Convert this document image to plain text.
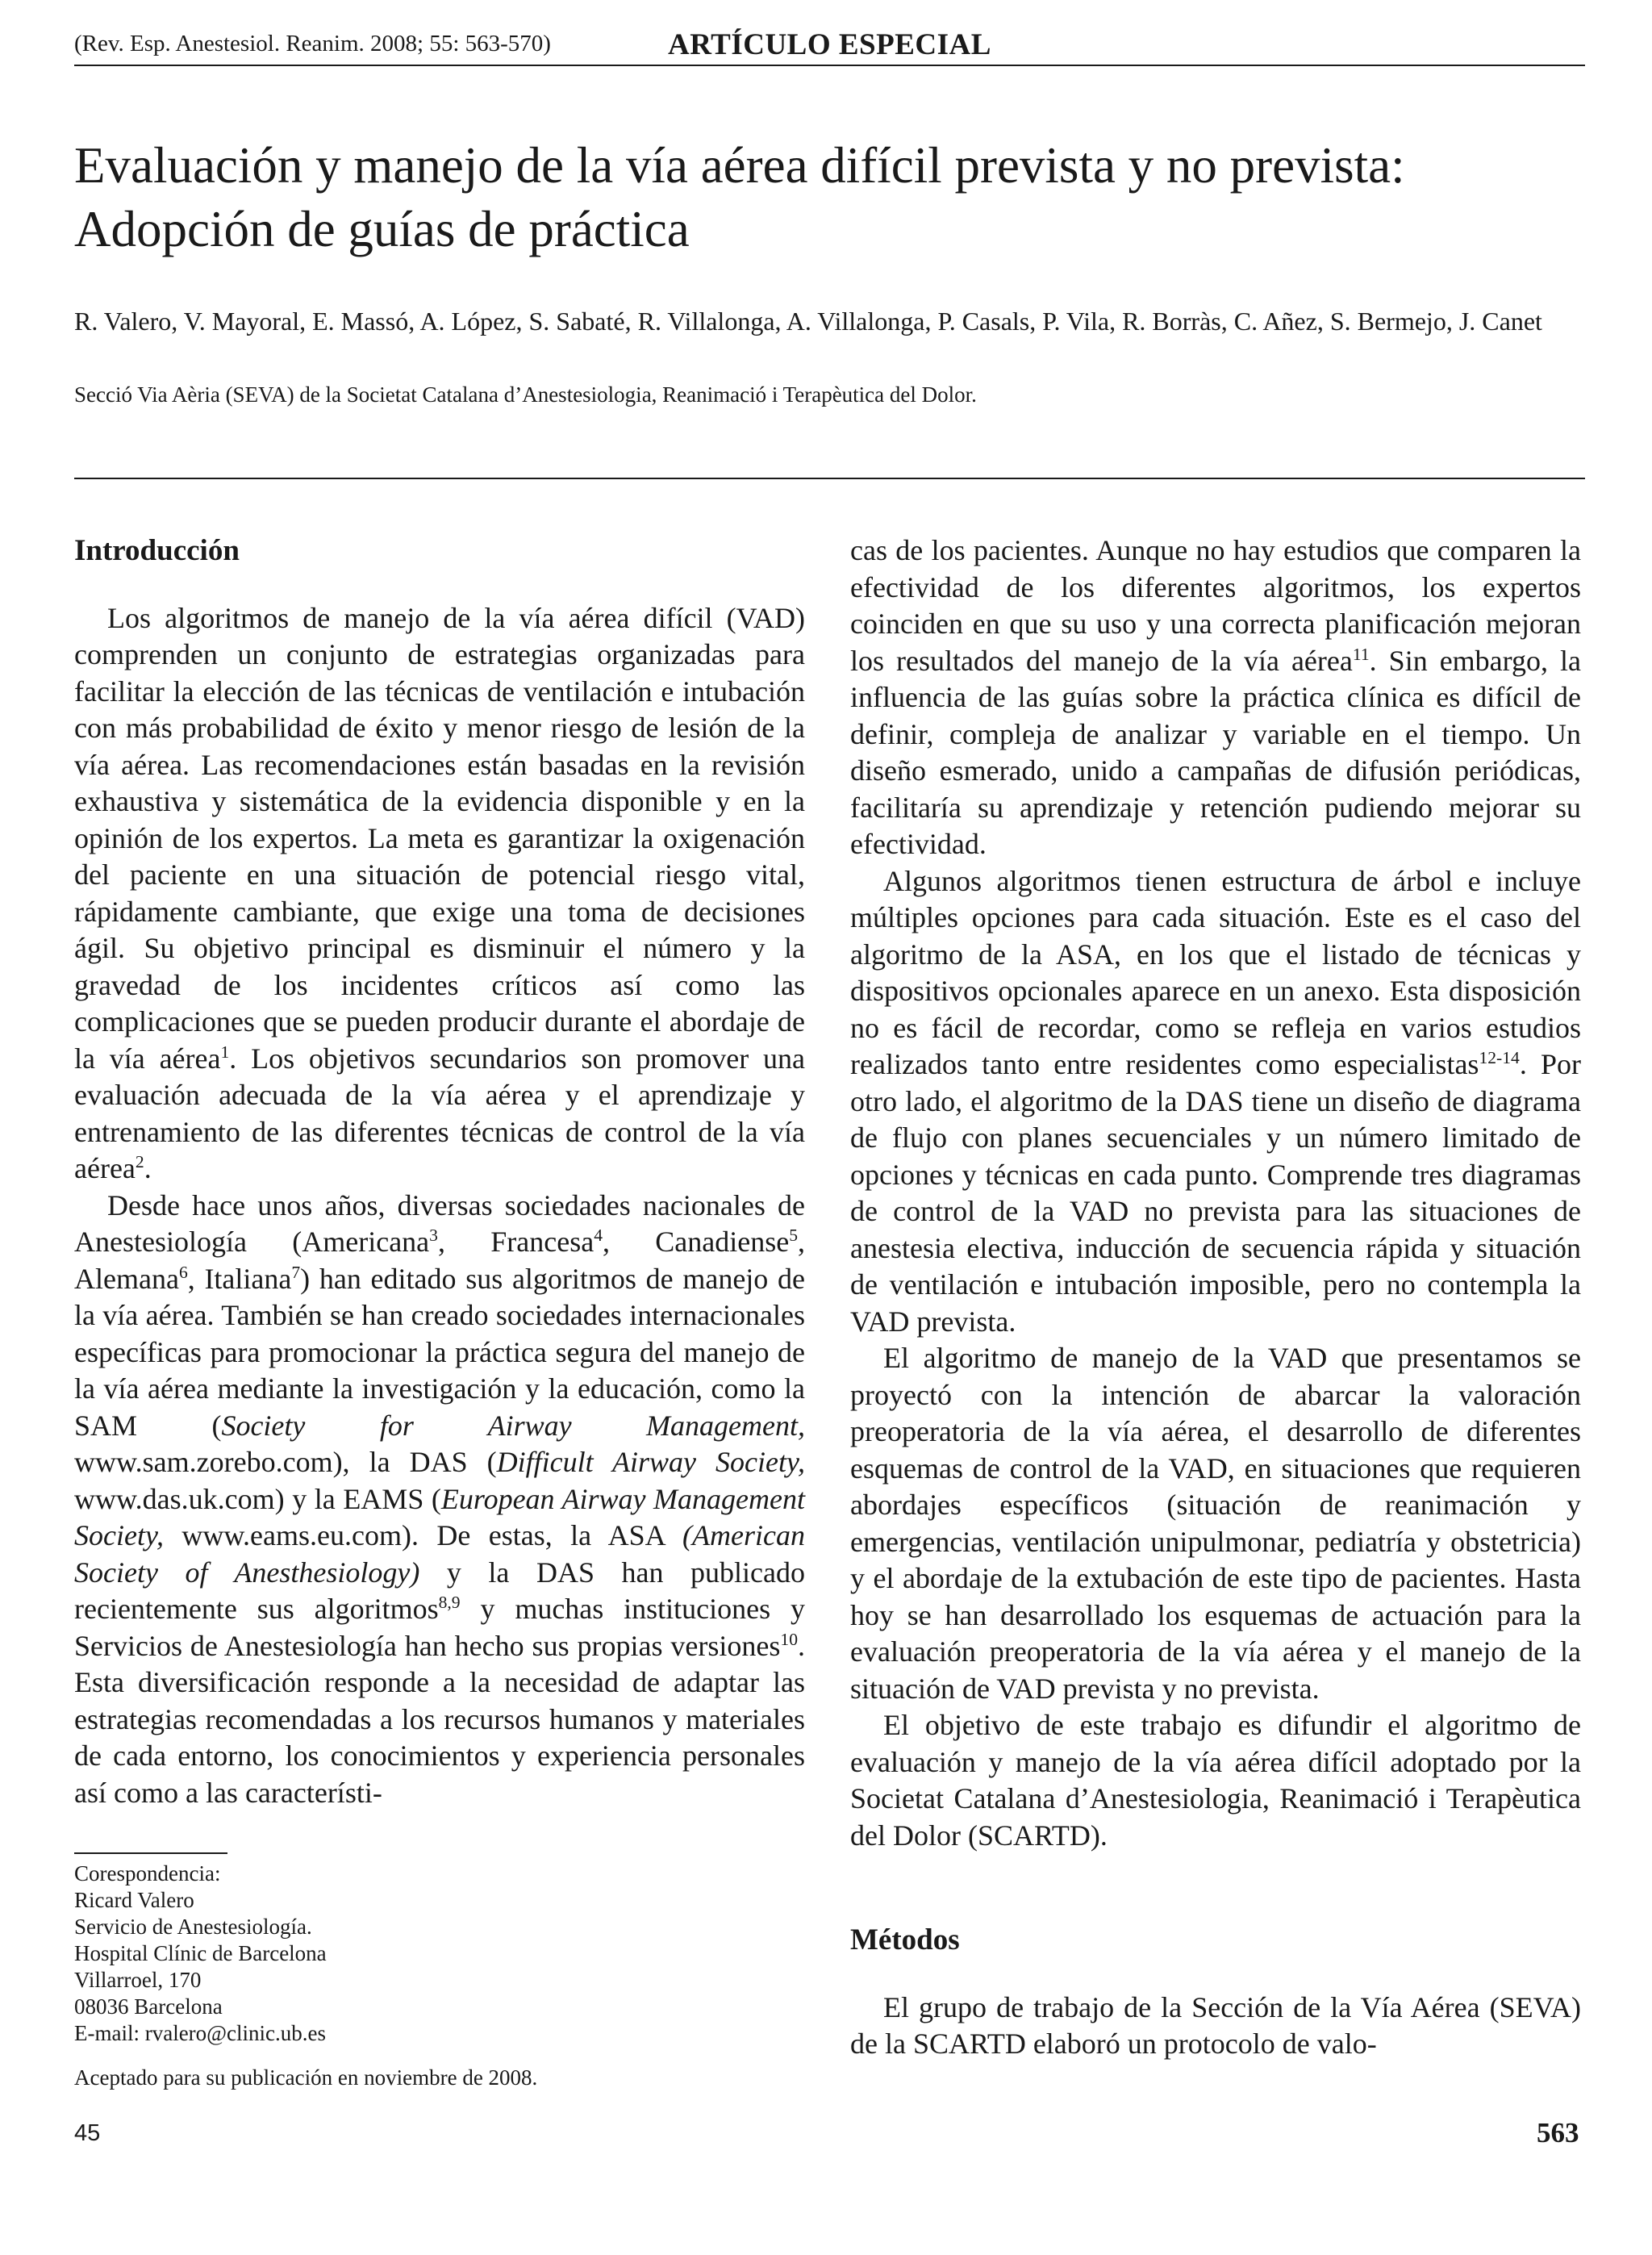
(Rev. Esp. Anestesiol. Reanim. 2008; 55: 563-570)	ARTÍCULO ESPECIAL
Evaluación y manejo de la vía aérea difícil prevista y no prevista:
Adopción de guías de práctica
R. Valero, V. Mayoral, E. Massó, A. López, S. Sabaté, R. Villalonga, A. Villalonga, P. Casals, P. Vila, R. Borràs, C. Añez, S. Bermejo, J. Canet
Secció Via Aèria (SEVA) de la Societat Catalana d’Anestesiologia, Reanimació i Terapèutica del Dolor.
Introducción

Los algoritmos de manejo de la vía aérea difícil (VAD) comprenden un conjunto de estrategias organizadas para facilitar la elección de las técnicas de ventilación e intubación con más probabilidad de éxito y menor riesgo de lesión de la vía aérea. Las recomendaciones están basadas en la revisión exhaustiva y sistemática de la evidencia disponible y en la opinión de los expertos. La meta es garantizar la oxigenación del paciente en una situación de potencial riesgo vital, rápidamente cambiante, que exige una toma de decisiones ágil. Su objetivo principal es disminuir el número y la gravedad de los incidentes críticos así como las complicaciones que se pueden producir durante el abordaje de la vía aérea$^1$. Los objetivos secundarios son promover una evaluación adecuada de la vía aérea y el aprendizaje y entrenamiento de las diferentes técnicas de control de la vía aérea$^2$.

Desde hace unos años, diversas sociedades nacionales de Anestesiología (Americana$^3$, Francesa$^4$, Canadiense$^5$, Alemana$^6$, Italiana$^7$) han editado sus algoritmos de manejo de la vía aérea. También se han creado sociedades internacionales específicas para promocionar la práctica segura del manejo de la vía aérea mediante la investigación y la educación, como la SAM (Society for Airway Management, www.sam.zorebo.com), la DAS (Difficult Airway Society, www.das.uk.com) y la EAMS (European Airway Management Society, www.eams.eu.com). De estas, la ASA (American Society of Anesthesiology) y la DAS han publicado recientemente sus algoritmos$^{8,9}$ y muchas instituciones y Servicios de Anestesiología han hecho sus propias versiones$^{10}$. Esta diversificación responde a la necesidad de adaptar las estrategias recomendadas a los recursos humanos y materiales de cada entorno, los conocimientos y experiencia personales así como a las característi-

cas de los pacientes. Aunque no hay estudios que comparen la efectividad de los diferentes algoritmos, los expertos coinciden en que su uso y una correcta planificación mejoran los resultados del manejo de la vía aérea$^{11}$. Sin embargo, la influencia de las guías sobre la práctica clínica es difícil de definir, compleja de analizar y variable en el tiempo. Un diseño esmerado, unido a campañas de difusión periódicas, facilitaría su aprendizaje y retención pudiendo mejorar su efectividad.

Algunos algoritmos tienen estructura de árbol e incluye múltiples opciones para cada situación. Este es el caso del algoritmo de la ASA, en los que el listado de técnicas y dispositivos opcionales aparece en un anexo. Esta disposición no es fácil de recordar, como se refleja en varios estudios realizados tanto entre residentes como especialistas$^{12-14}$. Por otro lado, el algoritmo de la DAS tiene un diseño de diagrama de flujo con planes secuenciales y un número limitado de opciones y técnicas en cada punto. Comprende tres diagramas de control de la VAD no prevista para las situaciones de anestesia electiva, inducción de secuencia rápida y situación de ventilación e intubación imposible, pero no contempla la VAD prevista.

El algoritmo de manejo de la VAD que presentamos se proyectó con la intención de abarcar la valoración preoperatoria de la vía aérea, el desarrollo de diferentes esquemas de control de la VAD, en situaciones que requieren abordajes específicos (situación de reanimación y emergencias, ventilación unipulmonar, pediatría y obstetricia) y el abordaje de la extubación de este tipo de pacientes. Hasta hoy se han desarrollado los esquemas de actuación para la evaluación preoperatoria de la vía aérea y el manejo de la situación de VAD prevista y no prevista.

El objetivo de este trabajo es difundir el algoritmo de evaluación y manejo de la vía aérea difícil adoptado por la Societat Catalana d’Anestesiologia, Reanimació i Terapèutica del Dolor (SCARTD).

Métodos

El grupo de trabajo de la Sección de la Vía Aérea (SEVA) de la SCARTD elaboró un protocolo de valo-

Corespondencia:
Ricard Valero
Servicio de Anestesiología.
Hospital Clínic de Barcelona
Villarroel, 170
08036 Barcelona
E-mail: rvalero@clinic.ub.es
Aceptado para su publicación en noviembre de 2008.
45	563
